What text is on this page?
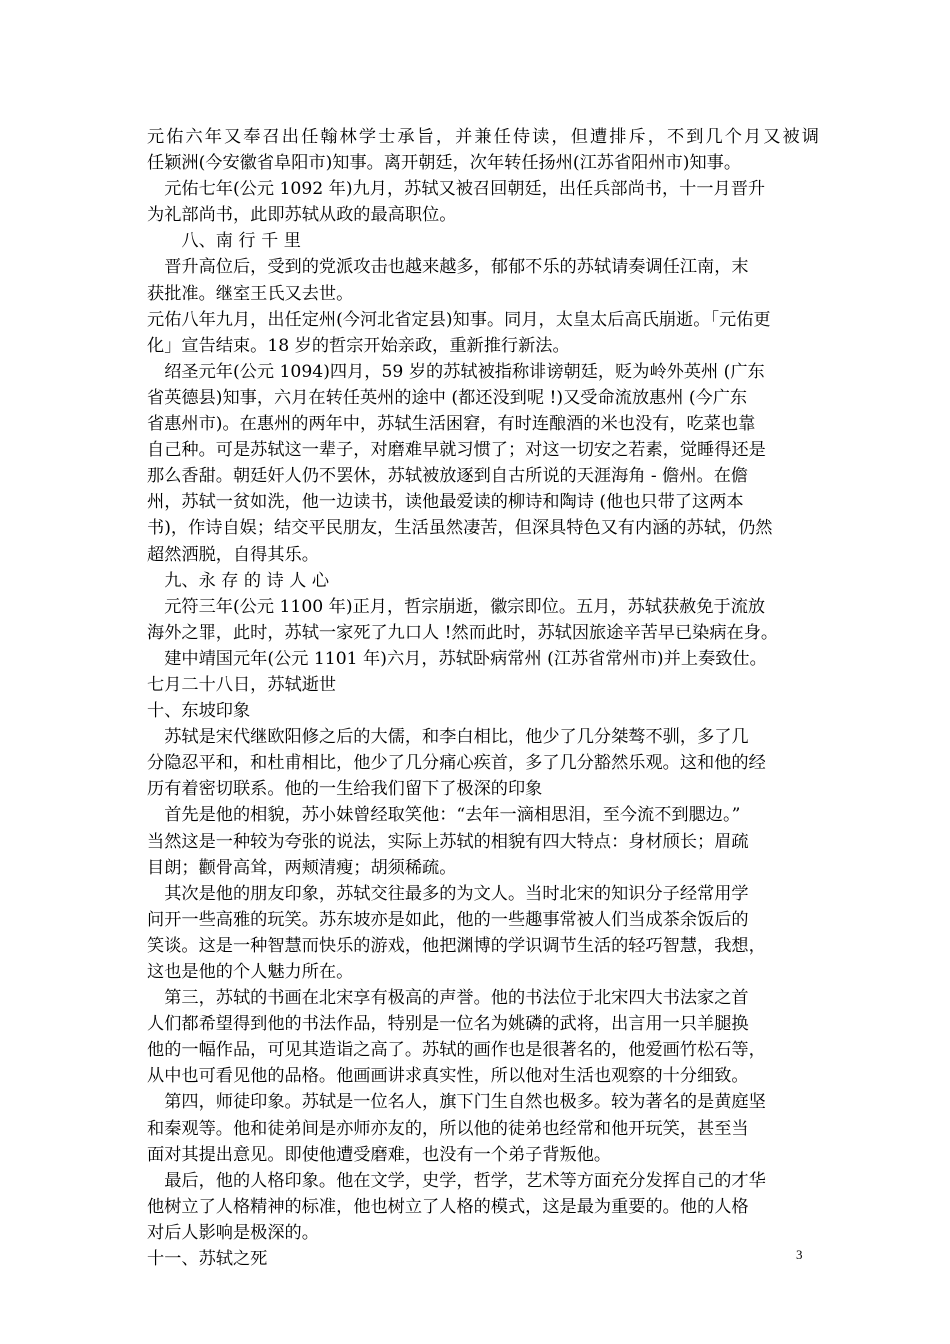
元佑六年又奉召出任翰林学士承旨，并兼任侍读，但遭排斥，不到几个月又被调
任颖洲(今安徽省阜阳市)知事。离开朝廷，次年转任扬州(江苏省阳州市)知事。
元佑七年(公元 1092 年)九月，苏轼又被召回朝廷，出任兵部尚书，十一月晋升
为礼部尚书，此即苏轼从政的最高职位。
八、南 行 千 里
晋升高位后，受到的党派攻击也越来越多，郁郁不乐的苏轼请奏调任江南，末
获批准。继室王氏又去世。
元佑八年九月，出任定州(今河北省定县)知事。同月，太皇太后高氏崩逝。「元佑更
化」宣告结束。18 岁的哲宗开始亲政，重新推行新法。
绍圣元年(公元 1094)四月，59 岁的苏轼被指称诽谤朝廷，贬为岭外英州 (广东
省英德县)知事，六月在转任英州的途中 (都还没到呢 !)又受命流放惠州 (今广东
省惠州市)。在惠州的两年中，苏轼生活困窘，有时连酿酒的米也没有，吃菜也靠
自己种。可是苏轼这一辈子，对磨难早就习惯了；对这一切安之若素，觉睡得还是
那么香甜。朝廷奸人仍不罢休，苏轼被放逐到自古所说的天涯海角 - 儋州。在儋
州，苏轼一贫如洗，他一边读书，读他最爱读的柳诗和陶诗 (他也只带了这两本
书)，作诗自娱；结交平民朋友，生活虽然凄苦，但深具特色又有内涵的苏轼，仍然
超然洒脱，自得其乐。
九、永 存 的 诗 人 心
元符三年(公元 1100 年)正月，哲宗崩逝，徽宗即位。五月，苏轼获赦免于流放
海外之罪，此时，苏轼一家死了九口人 !然而此时，苏轼因旅途辛苦早已染病在身。
建中靖国元年(公元 1101 年)六月，苏轼卧病常州 (江苏省常州市)并上奏致仕。
七月二十八日，苏轼逝世
十、东坡印象
苏轼是宋代继欧阳修之后的大儒，和李白相比，他少了几分桀骜不驯，多了几
分隐忍平和，和杜甫相比，他少了几分痛心疾首，多了几分豁然乐观。这和他的经
历有着密切联系。他的一生给我们留下了极深的印象
首先是他的相貌，苏小妹曾经取笑他：“去年一滴相思泪，至今流不到腮边。”
当然这是一种较为夸张的说法，实际上苏轼的相貌有四大特点：身材颀长；眉疏
目朗；颧骨高耸，两颊清瘦；胡须稀疏。
其次是他的朋友印象，苏轼交往最多的为文人。当时北宋的知识分子经常用学
问开一些高雅的玩笑。苏东坡亦是如此，他的一些趣事常被人们当成茶余饭后的
笑谈。这是一种智慧而快乐的游戏，他把渊博的学识调节生活的轻巧智慧，我想，
这也是他的个人魅力所在。
第三，苏轼的书画在北宋享有极高的声誉。他的书法位于北宋四大书法家之首
人们都希望得到他的书法作品，特别是一位名为姚磷的武将，出言用一只羊腿换
他的一幅作品，可见其造诣之高了。苏轼的画作也是很著名的，他爱画竹松石等，
从中也可看见他的品格。他画画讲求真实性，所以他对生活也观察的十分细致。
第四，师徒印象。苏轼是一位名人，旗下门生自然也极多。较为著名的是黄庭坚
和秦观等。他和徒弟间是亦师亦友的，所以他的徒弟也经常和他开玩笑，甚至当
面对其提出意见。即使他遭受磨难，也没有一个弟子背叛他。
最后，他的人格印象。他在文学，史学，哲学，艺术等方面充分发挥自己的才华
他树立了人格精神的标准，他也树立了人格的模式，这是最为重要的。他的人格
对后人影响是极深的。
十一、苏轼之死	3
